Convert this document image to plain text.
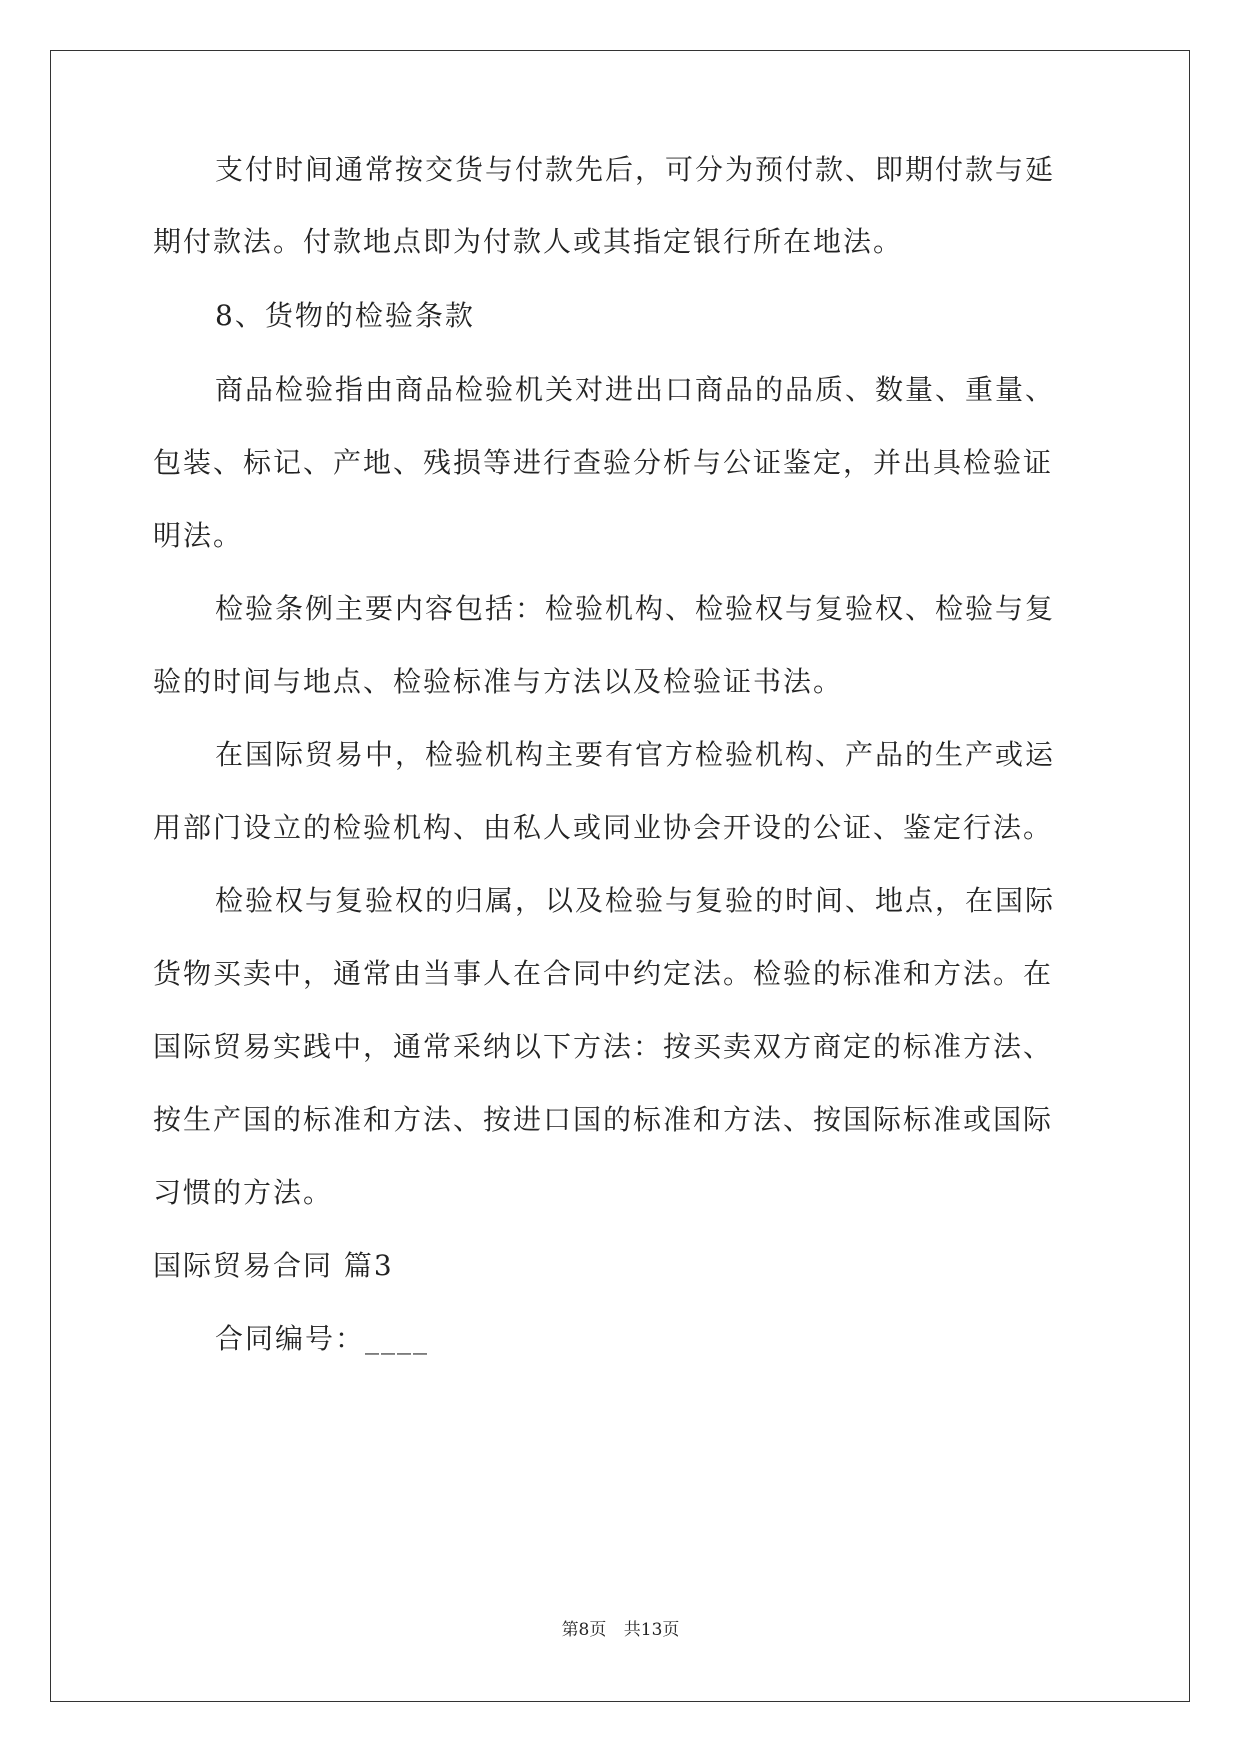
支付时间通常按交货与付款先后，可分为预付款、即期付款与延
期付款法。付款地点即为付款人或其指定银行所在地法。
8、货物的检验条款
商品检验指由商品检验机关对进出口商品的品质、数量、重量、
包装、标记、产地、残损等进行查验分析与公证鉴定，并出具检验证
明法。
检验条例主要内容包括：检验机构、检验权与复验权、检验与复
验的时间与地点、检验标准与方法以及检验证书法。
在国际贸易中，检验机构主要有官方检验机构、产品的生产或运
用部门设立的检验机构、由私人或同业协会开设的公证、鉴定行法。
检验权与复验权的归属，以及检验与复验的时间、地点，在国际
货物买卖中，通常由当事人在合同中约定法。检验的标准和方法。在
国际贸易实践中，通常采纳以下方法：按买卖双方商定的标准方法、
按生产国的标准和方法、按进口国的标准和方法、按国际标准或国际
习惯的方法。
国际贸易合同 篇3
合同编号：____
第8页 共13页
